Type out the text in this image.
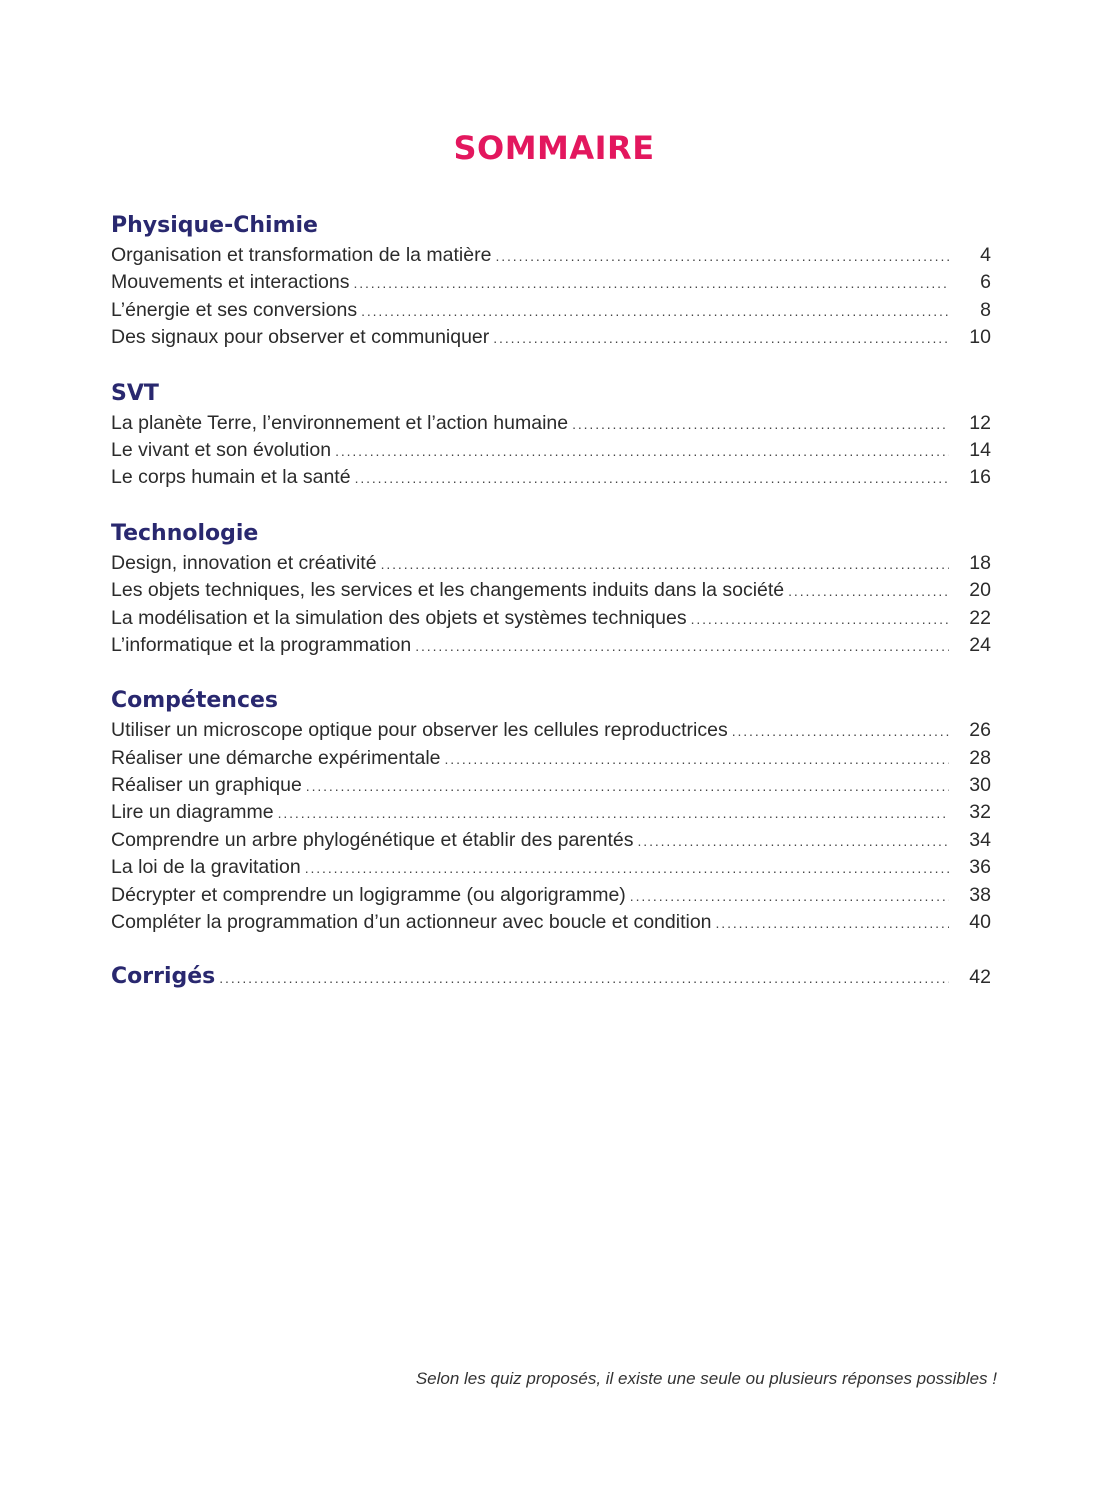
SOMMAIRE
Physique-Chimie
Organisation et transformation de la matière . . .	4
Mouvements et interactions . . .	6
L’énergie et ses conversions . . .	8
Des signaux pour observer et communiquer . . .	10
SVT
La planète Terre, l’environnement et l’action humaine . . .	12
Le vivant et son évolution . . .	14
Le corps humain et la santé . . .	16
Technologie
Design, innovation et créativité . . .	18
Les objets techniques, les services et les changements induits dans la société . . .	20
La modélisation et la simulation des objets et systèmes techniques . . .	22
L’informatique et la programmation . . .	24
Compétences
Utiliser un microscope optique pour observer les cellules reproductrices . . .	26
Réaliser une démarche expérimentale . . .	28
Réaliser un graphique . . .	30
Lire un diagramme . . .	32
Comprendre un arbre phylogénétique et établir des parentés . . .	34
La loi de la gravitation . . .	36
Décrypter et comprendre un logigramme (ou algorigramme) . . .	38
Compléter la programmation d’un actionneur avec boucle et condition . . .	40
Corrigés . . .	42
Selon les quiz proposés, il existe une seule ou plusieurs réponses possibles !
